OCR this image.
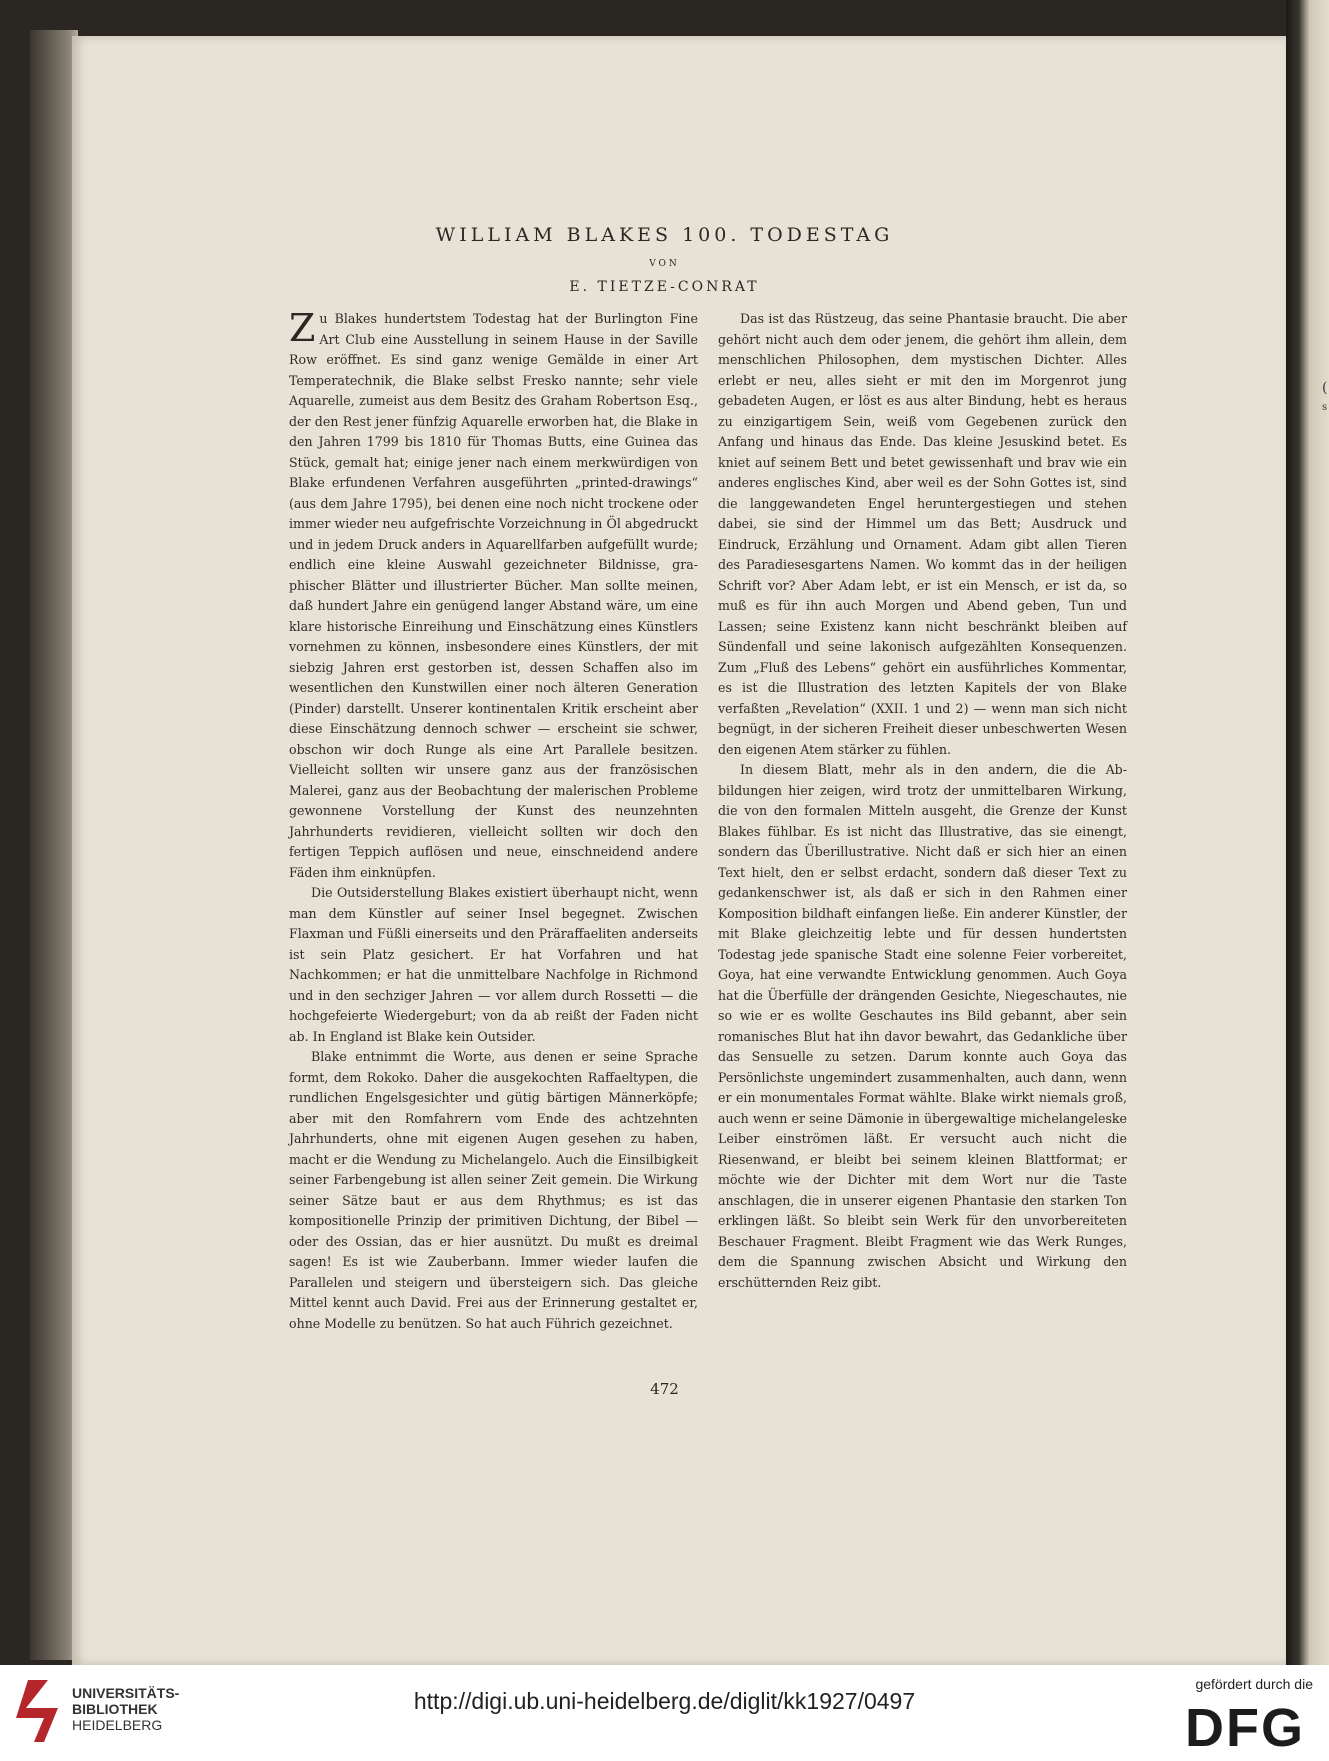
(
s
WILLIAM BLAKES 100. TODESTAG
VON
E. TIETZE-CONRAT

Zu Blakes hundertstem Todestag hat der Burlington Fine Art Club eine Ausstellung in seinem Hause in der Saville Row eröffnet. Es sind ganz wenige Gemälde in einer Art Temperatechnik, die Blake selbst Fresko nannte; sehr viele Aquarelle, zumeist aus dem Besitz des Graham Robertson Esq., der den Rest jener fünfzig Aquarelle erworben hat, die Blake in den Jahren 1799 bis 1810 für Thomas Butts, eine Guinea das Stück, gemalt hat; einige jener nach einem merkwürdigen von Blake erfundenen Verfahren ausgeführten „printed-drawings“ (aus dem Jahre 1795), bei denen eine noch nicht trockene oder immer wieder neu aufgefrischte Vorzeichnung in Öl abgedruckt und in jedem Druck anders in Aquarellfarben aufgefüllt wurde; endlich eine kleine Auswahl gezeichneter Bildnisse, graphischer Blätter und illustrierter Bücher. Man sollte meinen, daß hundert Jahre ein genügend langer Abstand wäre, um eine klare historische Einreihung und Einschätzung eines Künstlers vornehmen zu können, insbesondere eines Künstlers, der mit siebzig Jahren erst gestorben ist, dessen Schaffen also im wesentlichen den Kunstwillen einer noch älteren Generation (Pinder) darstellt. Unserer kontinentalen Kritik erscheint aber diese Einschätzung dennoch schwer — erscheint sie schwer, obschon wir doch Runge als eine Art Parallele besitzen. Vielleicht sollten wir unsere ganz aus der französischen Malerei, ganz aus der Beobachtung der malerischen Probleme gewonnene Vorstellung der Kunst des neunzehnten Jahrhunderts revidieren, vielleicht sollten wir doch den fertigen Teppich auflösen und neue, einschneidend andere Fäden ihm einknüpfen.

Die Outsiderstellung Blakes existiert überhaupt nicht, wenn man dem Künstler auf seiner Insel begegnet. Zwischen Flaxman und Füßli einerseits und den Präraffaeliten anderseits ist sein Platz gesichert. Er hat Vorfahren und hat Nachkommen; er hat die unmittelbare Nachfolge in Richmond und in den sechziger Jahren — vor allem durch Rossetti — die hochgefeierte Wiedergeburt; von da ab reißt der Faden nicht ab. In England ist Blake kein Outsider.

Blake entnimmt die Worte, aus denen er seine Sprache formt, dem Rokoko. Daher die ausgekochten Raffaeltypen, die rundlichen Engelsgesichter und gütig bärtigen Männerköpfe; aber mit den Romfahrern vom Ende des achtzehnten Jahrhunderts, ohne mit eigenen Augen gesehen zu haben, macht er die Wendung zu Michelangelo. Auch die Einsilbigkeit seiner Farbengebung ist allen seiner Zeit gemein. Die Wirkung seiner Sätze baut er aus dem Rhythmus; es ist das kompositionelle Prinzip der primitiven Dichtung, der Bibel — oder des Ossian, das er hier ausnützt. Du mußt es dreimal sagen! Es ist wie Zauberbann. Immer wieder laufen die Parallelen und steigern und übersteigern sich. Das gleiche Mittel kennt auch David. Frei aus der Erinnerung gestaltet er, ohne Modelle zu benützen. So hat auch Führich gezeichnet.

Das ist das Rüstzeug, das seine Phantasie braucht. Die aber gehört nicht auch dem oder jenem, die gehört ihm allein, dem menschlichen Philosophen, dem mystischen Dichter. Alles erlebt er neu, alles sieht er mit den im Morgenrot jung gebadeten Augen, er löst es aus alter Bindung, hebt es heraus zu einzigartigem Sein, weiß vom Gegebenen zurück den Anfang und hinaus das Ende. Das kleine Jesuskind betet. Es kniet auf seinem Bett und betet gewissenhaft und brav wie ein anderes englisches Kind, aber weil es der Sohn Gottes ist, sind die langgewandeten Engel heruntergestiegen und stehen dabei, sie sind der Himmel um das Bett; Ausdruck und Eindruck, Erzählung und Ornament. Adam gibt allen Tieren des Paradiesesgartens Namen. Wo kommt das in der heiligen Schrift vor? Aber Adam lebt, er ist ein Mensch, er ist da, so muß es für ihn auch Morgen und Abend geben, Tun und Lassen; seine Existenz kann nicht beschränkt bleiben auf Sündenfall und seine lakonisch aufgezählten Konsequenzen. Zum „Fluß des Lebens“ gehört ein ausführliches Kommentar, es ist die Illustration des letzten Kapitels der von Blake verfaßten „Revelation“ (XXII. 1 und 2) — wenn man sich nicht begnügt, in der sicheren Freiheit dieser unbeschwerten Wesen den eigenen Atem stärker zu fühlen.

In diesem Blatt, mehr als in den andern, die die Abbildungen hier zeigen, wird trotz der unmittelbaren Wirkung, die von den formalen Mitteln ausgeht, die Grenze der Kunst Blakes fühlbar. Es ist nicht das Illustrative, das sie einengt, sondern das Überillustrative. Nicht daß er sich hier an einen Text hielt, den er selbst erdacht, sondern daß dieser Text zu gedankenschwer ist, als daß er sich in den Rahmen einer Komposition bildhaft einfangen ließe. Ein anderer Künstler, der mit Blake gleichzeitig lebte und für dessen hundertsten Todestag jede spanische Stadt eine solenne Feier vorbereitet, Goya, hat eine verwandte Entwicklung genommen. Auch Goya hat die Überfülle der drängenden Gesichte, Niegeschautes, nie so wie er es wollte Geschautes ins Bild gebannt, aber sein romanisches Blut hat ihn davor bewahrt, das Gedankliche über das Sensuelle zu setzen. Darum konnte auch Goya das Persönlichste ungemindert zusammenhalten, auch dann, wenn er ein monumentales Format wählte. Blake wirkt niemals groß, auch wenn er seine Dämonie in übergewaltige michelangeleske Leiber einströmen läßt. Er versucht auch nicht die Riesenwand, er bleibt bei seinem kleinen Blattformat; er möchte wie der Dichter mit dem Wort nur die Taste anschlagen, die in unserer eigenen Phantasie den starken Ton erklingen läßt. So bleibt sein Werk für den unvorbereiteten Beschauer Fragment. Bleibt Fragment wie das Werk Runges, dem die Spannung zwischen Absicht und Wirkung den erschütternden Reiz gibt.

472
UNIVERSITÄTS-
BIBLIOTHEK
HEIDELBERG
http://digi.ub.uni-heidelberg.de/diglit/kk1927/0497
gefördert durch die
DFG
